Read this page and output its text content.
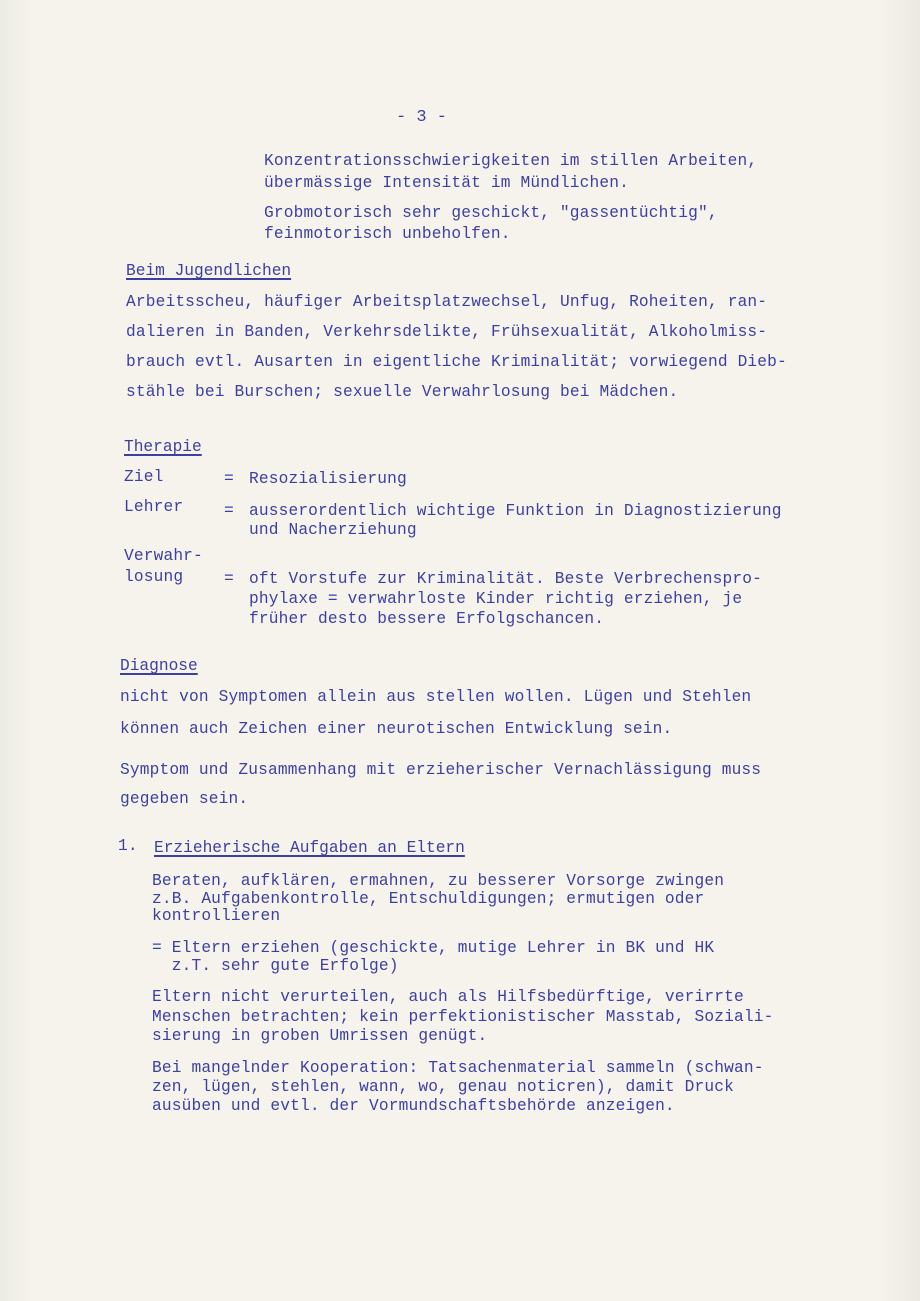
- 3 -
Konzentrationsschwierigkeiten im stillen Arbeiten,
übermässige Intensität im Mündlichen.
Grobmotorisch sehr geschickt, "gassentüchtig",
feinmotorisch unbeholfen.
Beim Jugendlichen
Arbeitsscheu, häufiger Arbeitsplatzwechsel, Unfug, Roheiten, ran-
dalieren in Banden, Verkehrsdelikte, Frühsexualität, Alkoholmiss-
brauch evtl. Ausarten in eigentliche Kriminalität; vorwiegend Dieb-
stähle bei Burschen; sexuelle Verwahrlosung bei Mädchen.
Therapie
Ziel	= Resozialisierung
Lehrer	= ausserordentlich wichtige Funktion in Diagnostizierung
und Nacherziehung
Verwahr-
losung	= oft Vorstufe zur Kriminalität. Beste Verbrechenspro-
phylaxe = verwahrloste Kinder richtig erziehen, je
früher desto bessere Erfolgschancen.
Diagnose
nicht von Symptomen allein aus stellen wollen. Lügen und Stehlen
können auch Zeichen einer neurotischen Entwicklung sein.
Symptom und Zusammenhang mit erzieherischer Vernachlässigung muss
gegeben sein.
1. Erzieherische Aufgaben an Eltern
Beraten, aufklären, ermahnen, zu besserer Vorsorge zwingen
z.B. Aufgabenkontrolle, Entschuldigungen; ermutigen oder
kontrollieren
= Eltern erziehen (geschickte, mutige Lehrer in BK und HK
z.T. sehr gute Erfolge)
Eltern nicht verurteilen, auch als Hilfsbedürftige, verirrte
Menschen betrachten; kein perfektionistischer Masstab, Soziali-
sierung in groben Umrissen genügt.
Bei mangelnder Kooperation: Tatsachenmaterial sammeln (schwan-
zen, lügen, stehlen, wann, wo, genau noticren), damit Druck
ausüben und evtl. der Vormundschaftsbehörde anzeigen.
